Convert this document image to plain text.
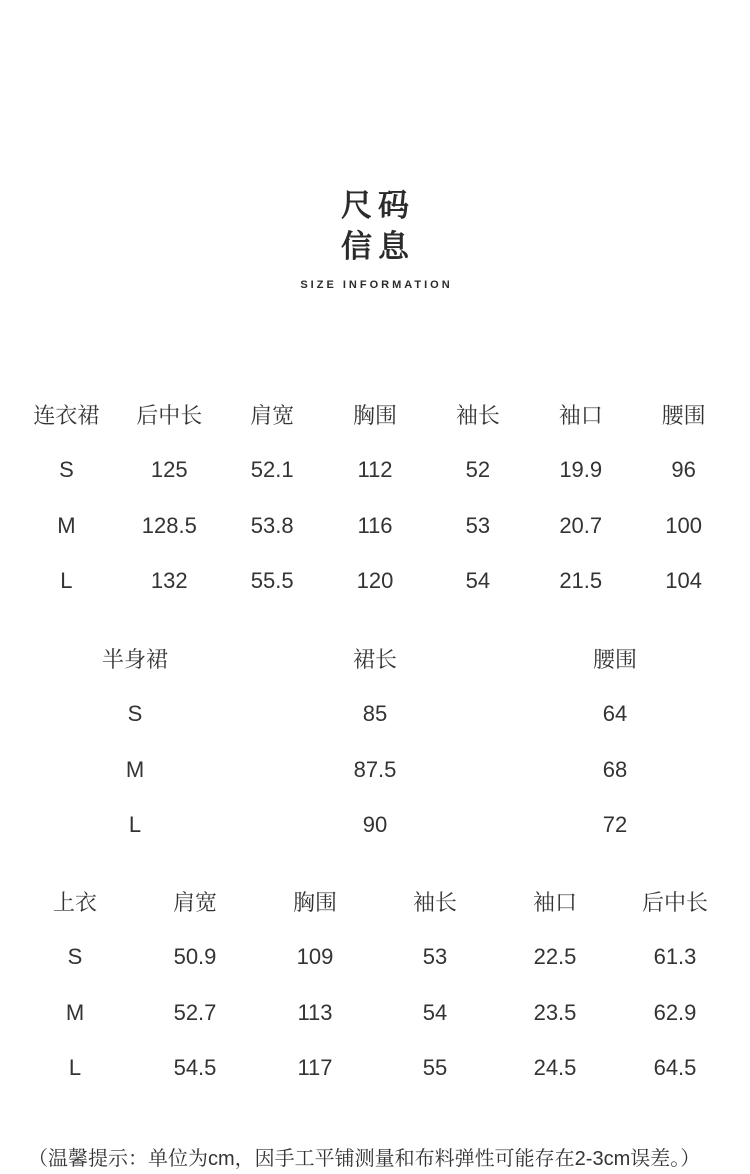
尺码
信息
SIZE INFORMATION
连衣裙	后中长	肩宽	胸围	袖长	袖口	腰围
S	125	52.1	112	52	19.9	96
M	128.5	53.8	116	53	20.7	100
L	132	55.5	120	54	21.5	104
半身裙	裙长	腰围
S	85	64
M	87.5	68
L	90	72
上衣	肩宽	胸围	袖长	袖口	后中长
S	50.9	109	53	22.5	61.3
M	52.7	113	54	23.5	62.9
L	54.5	117	55	24.5	64.5
（温馨提示：单位为cm，因手工平铺测量和布料弹性可能存在2-3cm误差。）
